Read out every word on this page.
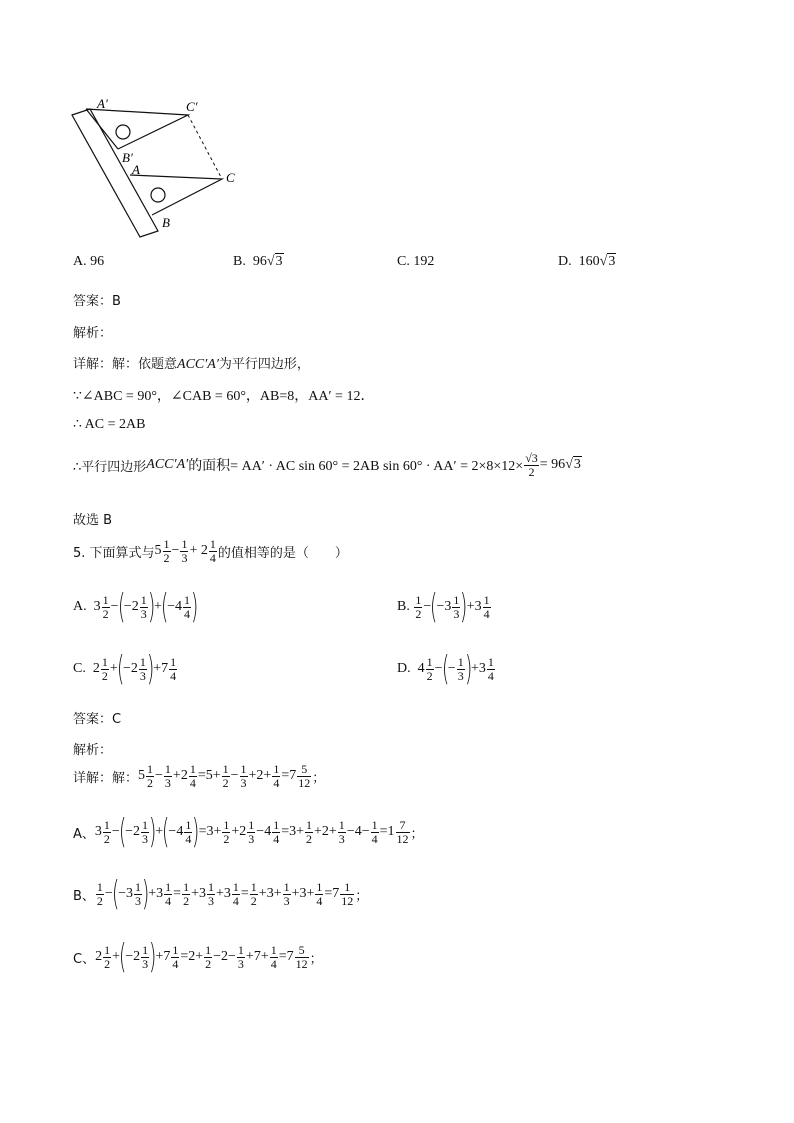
A′	C′
B′
A
C
B
A. 96	B. 96√3	C. 192	D. 160√3
答案：B
解析：
详解：解：依题意ACC′A′为平行四边形，
∵∠ABC = 90°，∠CAB = 60°，AB=8，AA′ = 12．
∴ AC = 2AB
∴平行四边形 ACC′A′ 的面积= AA′ · AC sin 60° = 2AB $\sin 60^\circ \cdot AA' = 2\times 8\times 12\times \frac{√3}{2} = 96$ √3
故选 B
5. 下面算式与 $5 \frac{1}{2} - \frac{1}{3} + 2 \frac{1}{4}$ 的值相等的是（　　）
A. $3 \frac{1}{2}$ −
(
$-2 \frac{1}{3}$ )
+
(
$-4 \frac{1}{4}$ )	B.
$\frac{1}{2}$ −
(
$-3 \frac{1}{3}$ )
$+3 \frac{1}{4}$
C. $2 \frac{1}{2}$ +
(
$-2 \frac{1}{3}$ )
$+7 \frac{1}{4}$	D. $4 \frac{1}{2}$ −
(
− $\frac{1}{3}$ )
$+3 \frac{1}{4}$
答案：C
解析：
详解：解： $5 \frac{1}{2} - \frac{1}{3} +2 \frac{1}{4} =5+ \frac{1}{2} - \frac{1}{3} +2+ \frac{1}{4} =7 \frac{5}{12}$ ；
A、 $3 \frac{1}{2}$ −
(
$-2 \frac{1}{3}$ )
+
(
$-4 \frac{1}{4}$ )
$=3+ \frac{1}{2} +2 \frac{1}{3} -4 \frac{1}{4} =3+ \frac{1}{2} +2+ \frac{1}{3} -4- \frac{1}{4} =1 \frac{7}{12}$ ；
B、 $\frac{1}{2}$ −
(
$-3 \frac{1}{3}$ )
$+3 \frac{1}{4} = \frac{1}{2} +3 \frac{1}{3} +3 \frac{1}{4} = \frac{1}{2} +3+ \frac{1}{3} +3+ \frac{1}{4} =7 \frac{1}{12}$ ；
C、 $2 \frac{1}{2}$ +
(
$-2 \frac{1}{3}$ )
$+7 \frac{1}{4} =2+ \frac{1}{2} -2- \frac{1}{3} +7+ \frac{1}{4} =7 \frac{5}{12}$ ；
